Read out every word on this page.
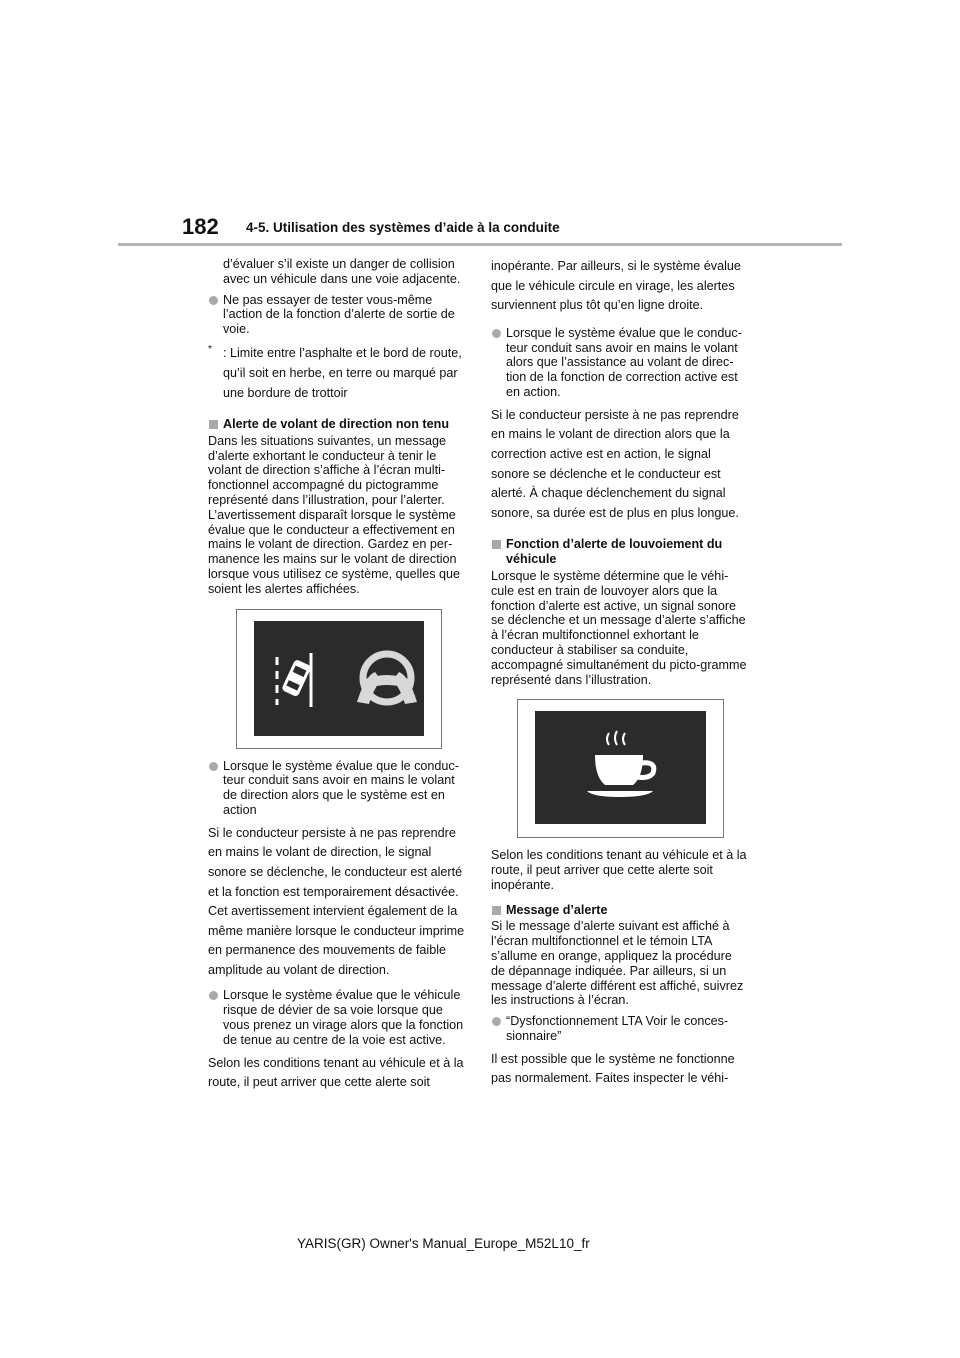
182 4-5. Utilisation des systèmes d’aide à la conduite

d’évaluer s’il existe un danger de collision avec un véhicule dans une voie adjacente.

Ne pas essayer de tester vous-même l’action de la fonction d’alerte de sortie de voie.
* : Limite entre l’asphalte et le bord de route, qu’il soit en herbe, en terre ou marqué par une bordure de trottoir
Alerte de volant de direction non tenu

Dans les situations suivantes, un message d’alerte exhortant le conducteur à tenir le volant de direction s’affiche à l’écran multi-fonctionnel accompagné du pictogramme représenté dans l’illustration, pour l’alerter. L’avertissement disparaît lorsque le système évalue que le conducteur a effectivement en mains le volant de direction. Gardez en per-manence les mains sur le volant de direction lorsque vous utilisez ce système, quelles que soient les alertes affichées.

Lorsque le système évalue que le conduc-teur conduit sans avoir en mains le volant de direction alors que le système est en action

Si le conducteur persiste à ne pas reprendre en mains le volant de direction, le signal sonore se déclenche, le conducteur est alerté et la fonction est temporairement désactivée. Cet avertissement intervient également de la même manière lorsque le conducteur imprime en permanence des mouvements de faible amplitude au volant de direction.

Lorsque le système évalue que le véhicule risque de dévier de sa voie lorsque que vous prenez un virage alors que la fonction de tenue au centre de la voie est active.

Selon les conditions tenant au véhicule et à la route, il peut arriver que cette alerte soit

inopérante. Par ailleurs, si le système évalue que le véhicule circule en virage, les alertes surviennent plus tôt qu’en ligne droite.

Lorsque le système évalue que le conduc-teur conduit sans avoir en mains le volant alors que l’assistance au volant de direc-tion de la fonction de correction active est en action.

Si le conducteur persiste à ne pas reprendre en mains le volant de direction alors que la correction active est en action, le signal sonore se déclenche et le conducteur est alerté. À chaque déclenchement du signal sonore, sa durée est de plus en plus longue.

Fonction d’alerte de louvoiement du véhicule

Lorsque le système détermine que le véhi-cule est en train de louvoyer alors que la fonction d’alerte est active, un signal sonore se déclenche et un message d’alerte s’affiche à l’écran multifonctionnel exhortant le conducteur à stabiliser sa conduite, accompagné simultanément du picto-gramme représenté dans l’illustration.

Selon les conditions tenant au véhicule et à la route, il peut arriver que cette alerte soit inopérante.

Message d’alerte

Si le message d’alerte suivant est affiché à l’écran multifonctionnel et le témoin LTA s’allume en orange, appliquez la procédure de dépannage indiquée. Par ailleurs, si un message d’alerte différent est affiché, suivrez les instructions à l’écran.

“Dysfonctionnement LTA Voir le conces-sionnaire”

Il est possible que le système ne fonctionne pas normalement. Faites inspecter le véhi-

YARIS(GR) Owner's Manual_Europe_M52L10_fr
